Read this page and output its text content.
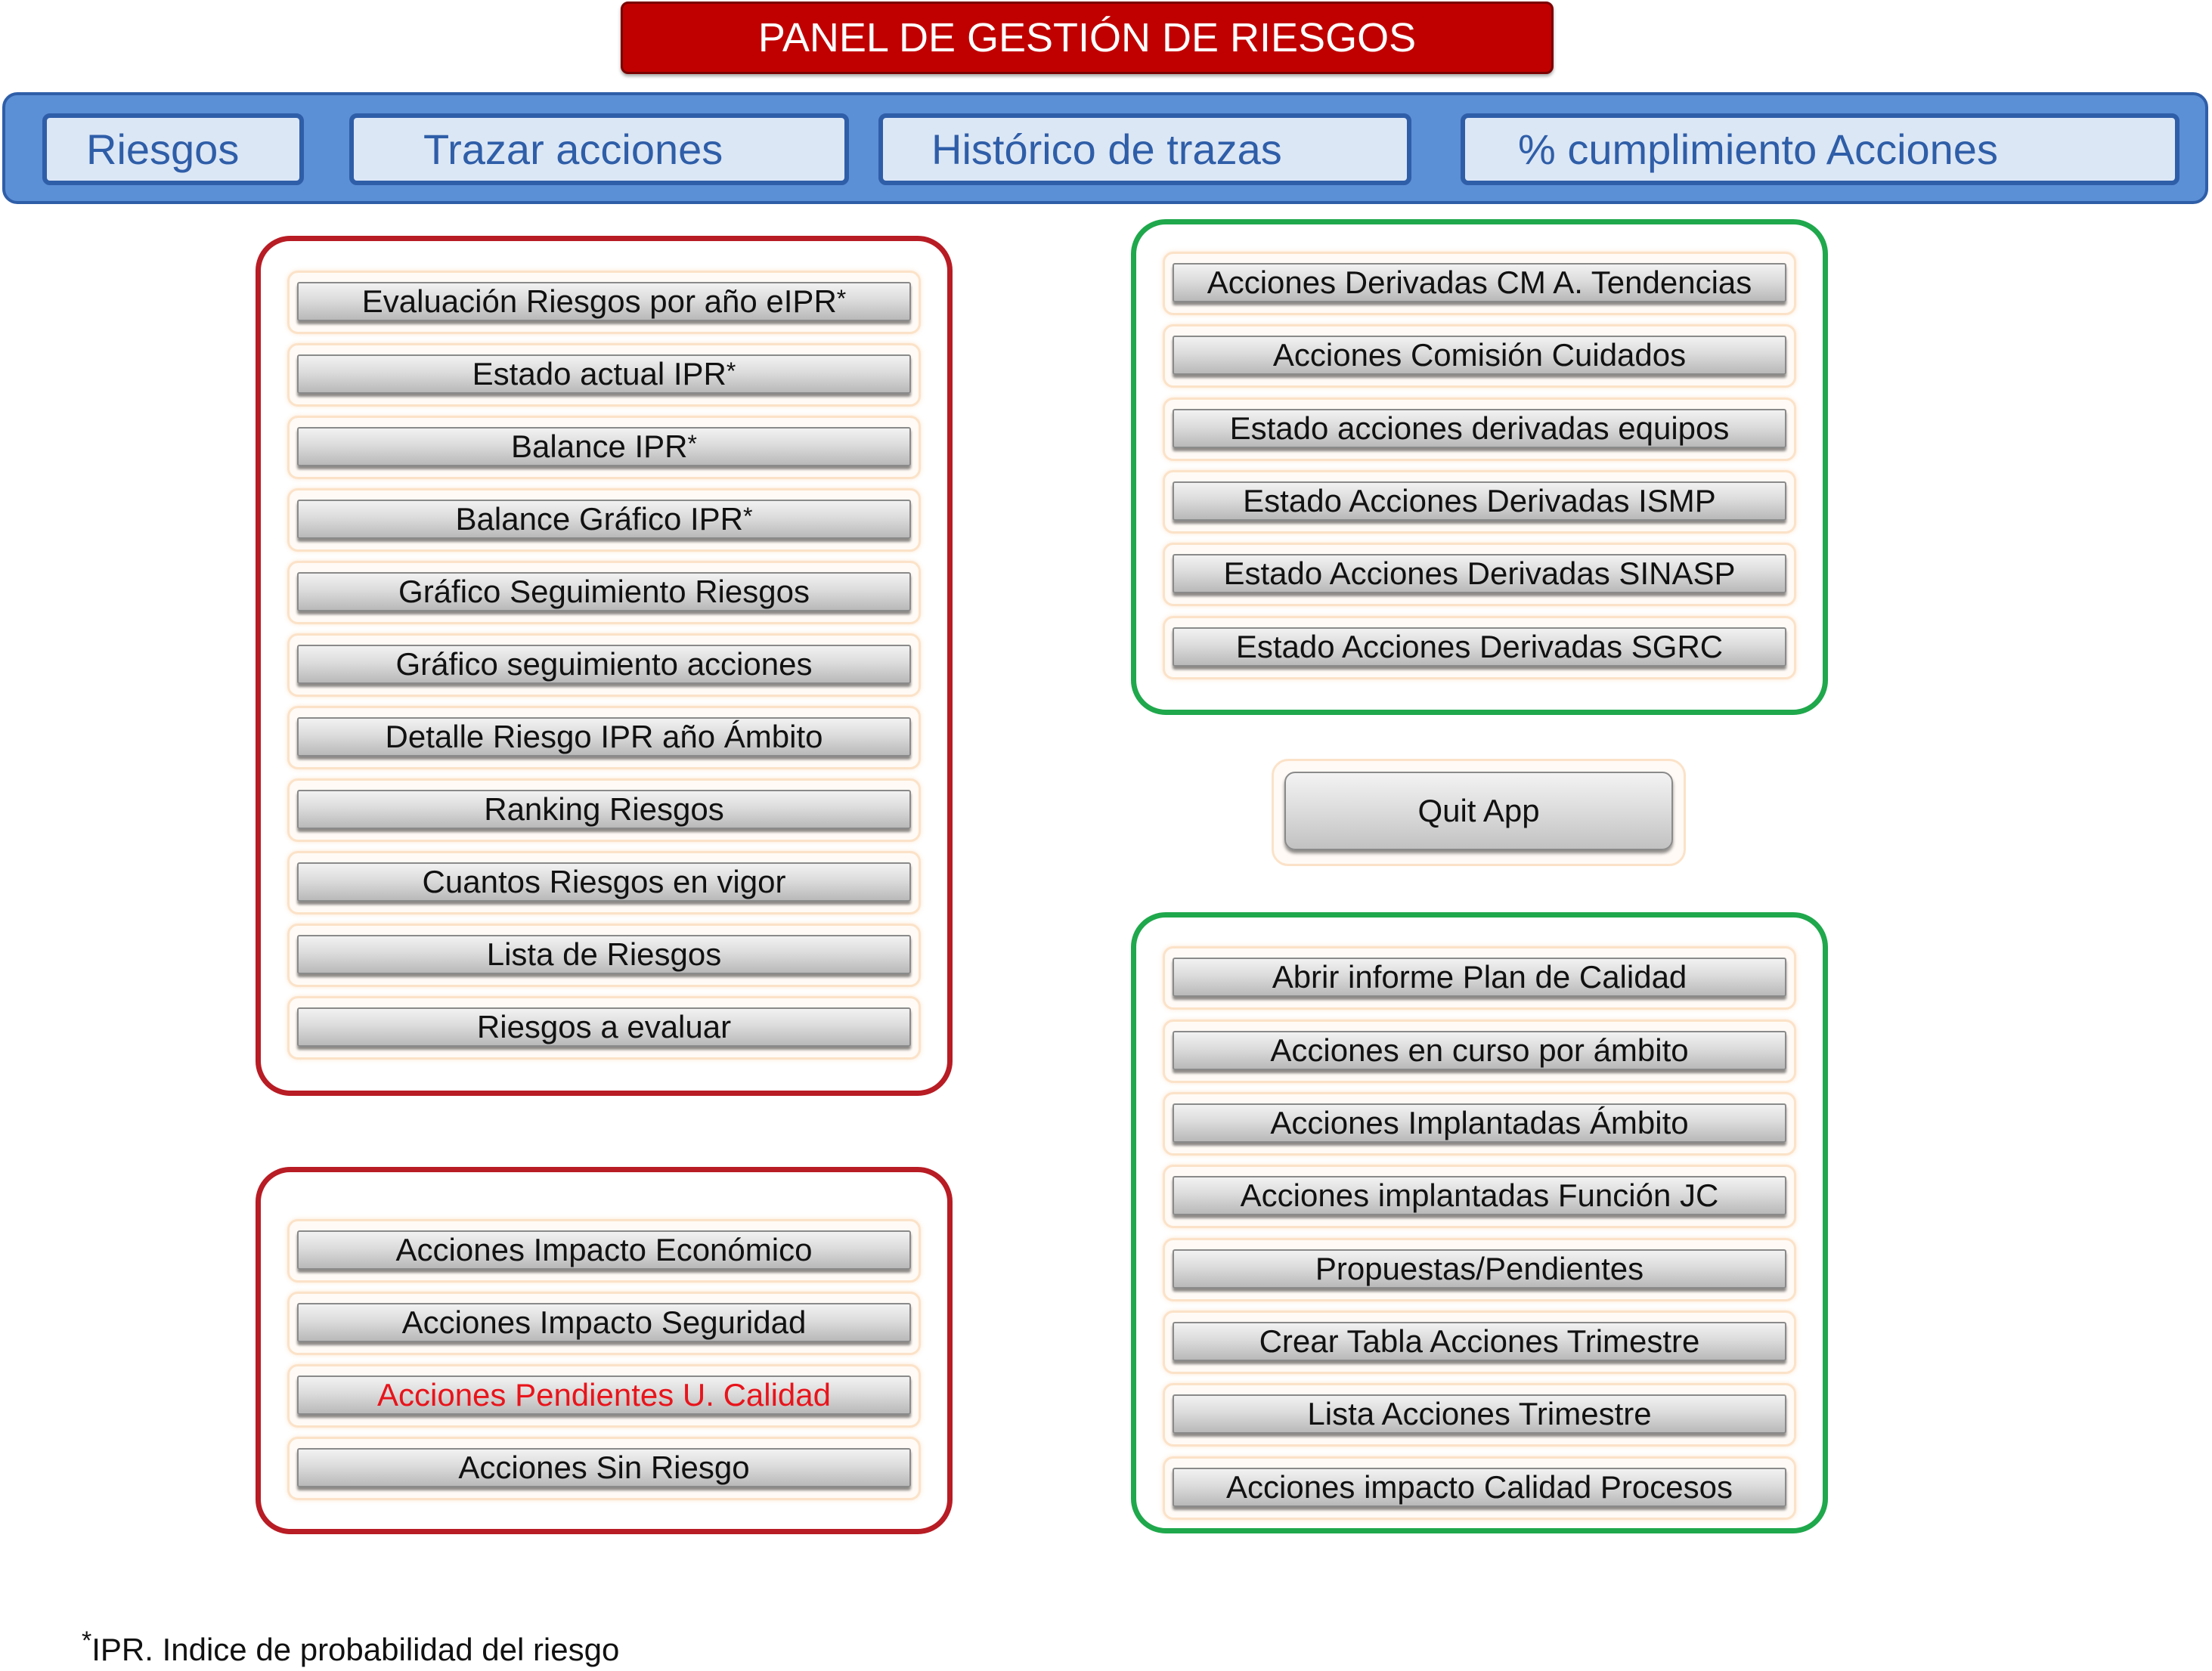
PANEL DE GESTIÓN DE RIESGOS
Riesgos	Trazar acciones	Histórico de trazas	% cumplimiento Acciones
Evaluación Riesgos por año eIPR*
Estado actual IPR*
Balance IPR*
Balance Gráfico IPR*
Gráfico Seguimiento Riesgos
Gráfico seguimiento acciones
Detalle Riesgo IPR año Ámbito
Ranking Riesgos
Cuantos Riesgos en vigor
Lista de Riesgos
Riesgos a evaluar
Acciones Impacto Económico
Acciones Impacto Seguridad
Acciones Pendientes U. Calidad
Acciones Sin Riesgo
Acciones Derivadas CM A. Tendencias
Acciones Comisión Cuidados
Estado acciones derivadas equipos
Estado Acciones Derivadas ISMP
Estado Acciones Derivadas SINASP
Estado Acciones Derivadas SGRC
Quit App
Abrir informe Plan de Calidad
Acciones en curso por ámbito
Acciones Implantadas Ámbito
Acciones implantadas Función JC
Propuestas/Pendientes
Crear Tabla Acciones Trimestre
Lista Acciones Trimestre
Acciones impacto Calidad Procesos
*IPR. Indice de probabilidad del riesgo
